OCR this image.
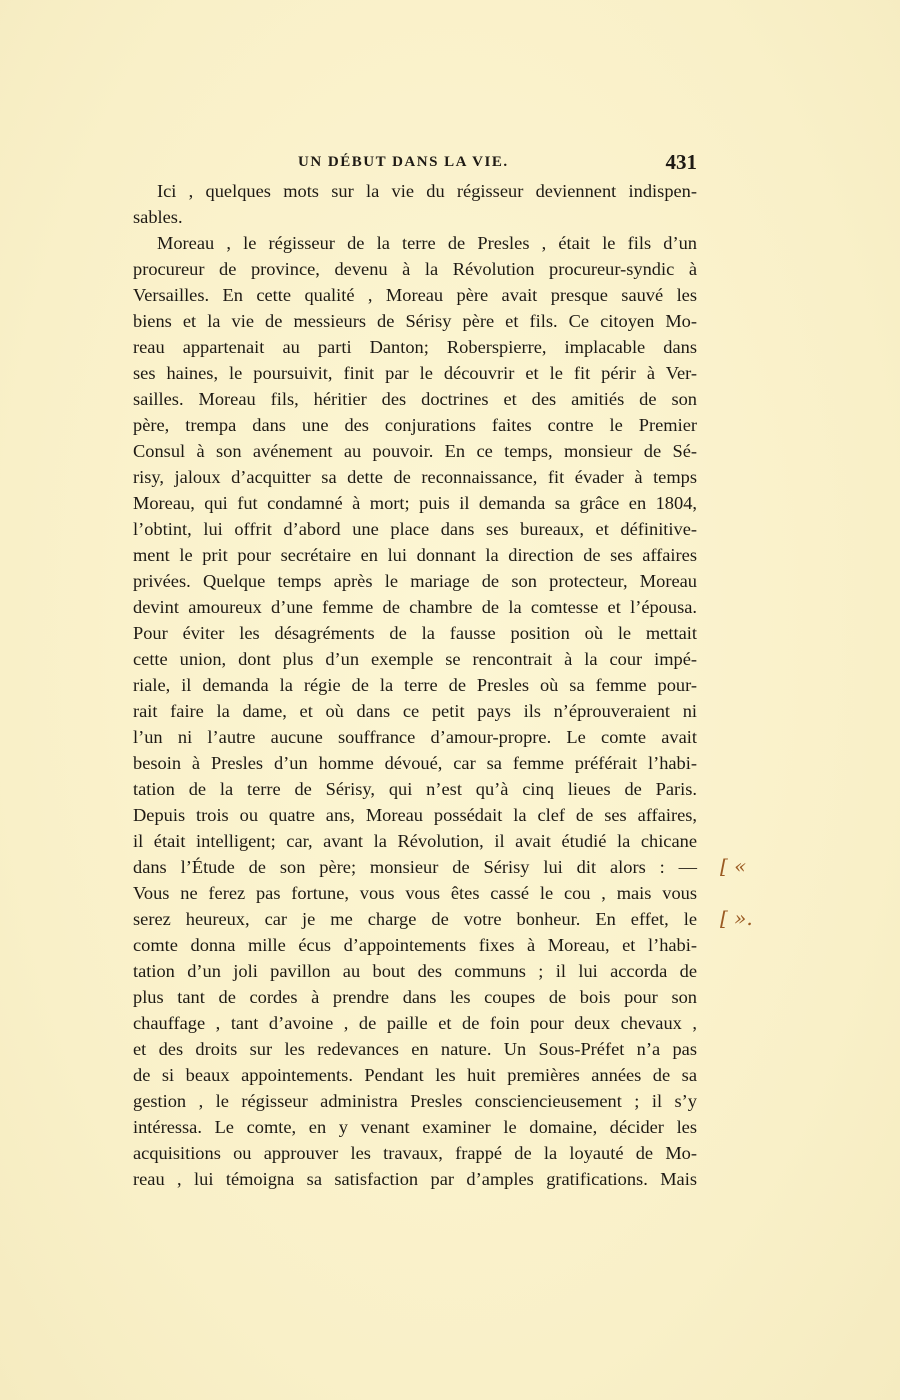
UN DÉBUT DANS LA VIE.	431
Ici , quelques mots sur la vie du régisseur deviennent indispen-
sables.
Moreau , le régisseur de la terre de Presles , était le fils d’un
procureur de province, devenu à la Révolution procureur-syndic à
Versailles. En cette qualité , Moreau père avait presque sauvé les
biens et la vie de messieurs de Sérisy père et fils. Ce citoyen Mo-
reau appartenait au parti Danton; Roberspierre, implacable dans
ses haines, le poursuivit, finit par le découvrir et le fit périr à Ver-
sailles. Moreau fils, héritier des doctrines et des amitiés de son
père, trempa dans une des conjurations faites contre le Premier
Consul à son avénement au pouvoir. En ce temps, monsieur de Sé-
risy, jaloux d’acquitter sa dette de reconnaissance, fit évader à temps
Moreau, qui fut condamné à mort; puis il demanda sa grâce en 1804,
l’obtint, lui offrit d’abord une place dans ses bureaux, et définitive-
ment le prit pour secrétaire en lui donnant la direction de ses affaires
privées. Quelque temps après le mariage de son protecteur, Moreau
devint amoureux d’une femme de chambre de la comtesse et l’épousa.
Pour éviter les désagréments de la fausse position où le mettait
cette union, dont plus d’un exemple se rencontrait à la cour impé-
riale, il demanda la régie de la terre de Presles où sa femme pour-
rait faire la dame, et où dans ce petit pays ils n’éprouveraient ni
l’un ni l’autre aucune souffrance d’amour-propre. Le comte avait
besoin à Presles d’un homme dévoué, car sa femme préférait l’habi-
tation de la terre de Sérisy, qui n’est qu’à cinq lieues de Paris.
Depuis trois ou quatre ans, Moreau possédait la clef de ses affaires,
il était intelligent; car, avant la Révolution, il avait étudié la chicane
dans l’Étude de son père; monsieur de Sérisy lui dit alors : —
Vous ne ferez pas fortune, vous vous êtes cassé le cou , mais vous
serez heureux, car je me charge de votre bonheur. En effet, le
comte donna mille écus d’appointements fixes à Moreau, et l’habi-
tation d’un joli pavillon au bout des communs ; il lui accorda de
plus tant de cordes à prendre dans les coupes de bois pour son
chauffage , tant d’avoine , de paille et de foin pour deux chevaux ,
et des droits sur les redevances en nature. Un Sous-Préfet n’a pas
de si beaux appointements. Pendant les huit premières années de sa
gestion , le régisseur administra Presles consciencieusement ; il s’y
intéressa. Le comte, en y venant examiner le domaine, décider les
acquisitions ou approuver les travaux, frappé de la loyauté de Mo-
reau , lui témoigna sa satisfaction par d’amples gratifications. Mais
[ «
[ ».
